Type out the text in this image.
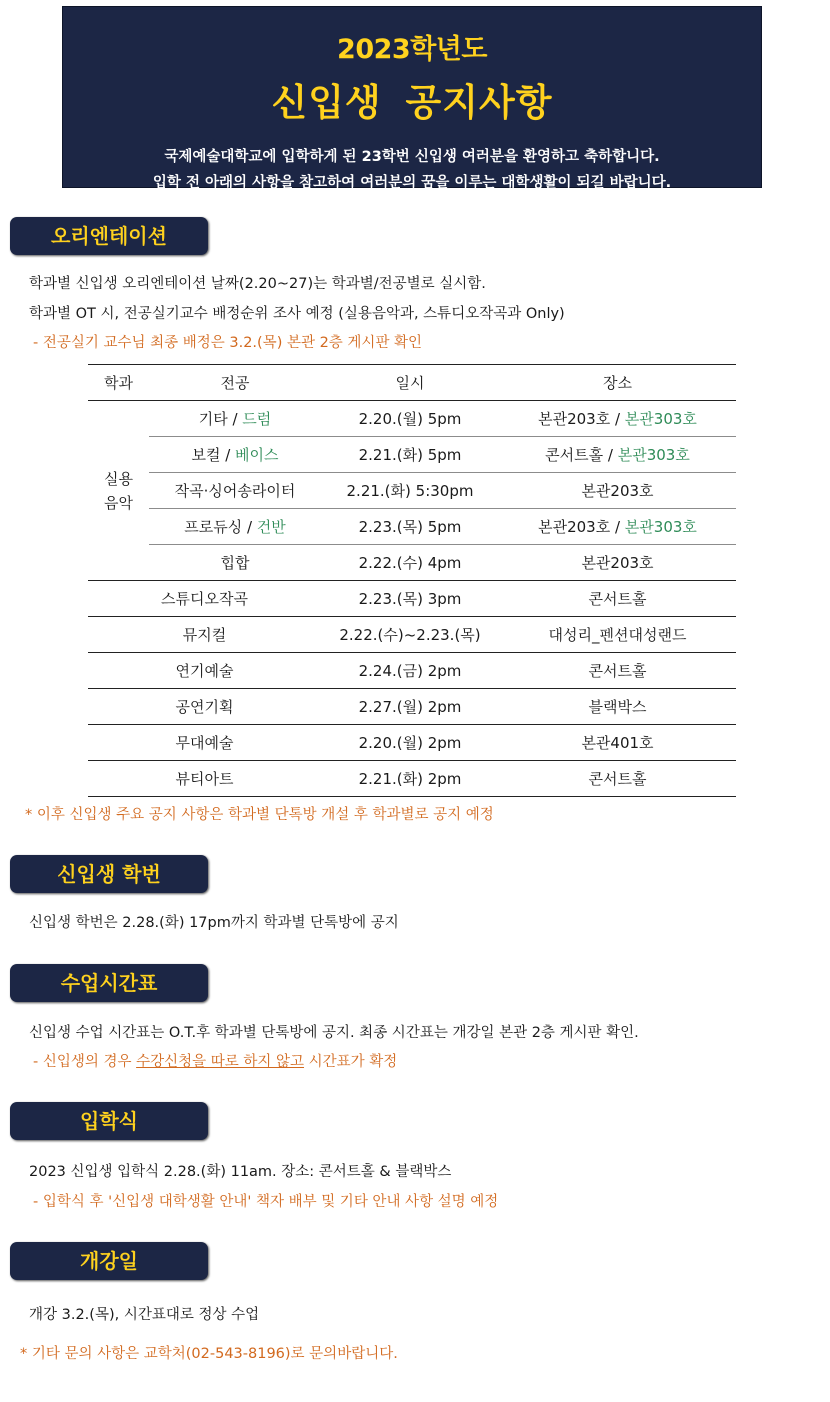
2023학년도
신입생 공지사항
국제예술대학교에 입학하게 된 23학번 신입생 여러분을 환영하고 축하합니다.
입학 전 아래의 사항을 참고하여 여러분의 꿈을 이루는 대학생활이 되길 바랍니다.
오리엔테이션
학과별 신입생 오리엔테이션 날짜(2.20~27)는 학과별/전공별로 실시함.
학과별 OT 시, 전공실기교수 배정순위 조사 예정 (실용음악과, 스튜디오작곡과 Only)
- 전공실기 교수님 최종 배정은 3.2.(목) 본관 2층 게시판 확인
학과	전공	일시	장소
실용
음악	기타 / 드럼	2.20.(월) 5pm	본관203호 / 본관303호
	보컬 / 베이스	2.21.(화) 5pm	콘서트홀 / 본관303호
	작곡·싱어송라이터	2.21.(화) 5:30pm	본관203호
	프로듀싱 / 건반	2.23.(목) 5pm	본관203호 / 본관303호
	힙합	2.22.(수) 4pm	본관203호
스튜디오작곡		2.23.(목) 3pm	콘서트홀
뮤지컬		2.22.(수)~2.23.(목)	대성리_펜션대성랜드
연기예술		2.24.(금) 2pm	콘서트홀
공연기획		2.27.(월) 2pm	블랙박스
무대예술		2.20.(월) 2pm	본관401호
뷰티아트		2.21.(화) 2pm	콘서트홀
* 이후 신입생 주요 공지 사항은 학과별 단톡방 개설 후 학과별로 공지 예정
신입생 학번
신입생 학번은 2.28.(화) 17pm까지 학과별 단톡방에 공지
수업시간표
신입생 수업 시간표는 O.T.후 학과별 단톡방에 공지. 최종 시간표는 개강일 본관 2층 게시판 확인.
- 신입생의 경우 수강신청을 따로 하지 않고 시간표가 확정
입학식
2023 신입생 입학식 2.28.(화) 11am. 장소: 콘서트홀 & 블랙박스
- 입학식 후 '신입생 대학생활 안내' 책자 배부 및 기타 안내 사항 설명 예정
개강일
개강 3.2.(목), 시간표대로 정상 수업
* 기타 문의 사항은 교학처(02-543-8196)로 문의바랍니다.
